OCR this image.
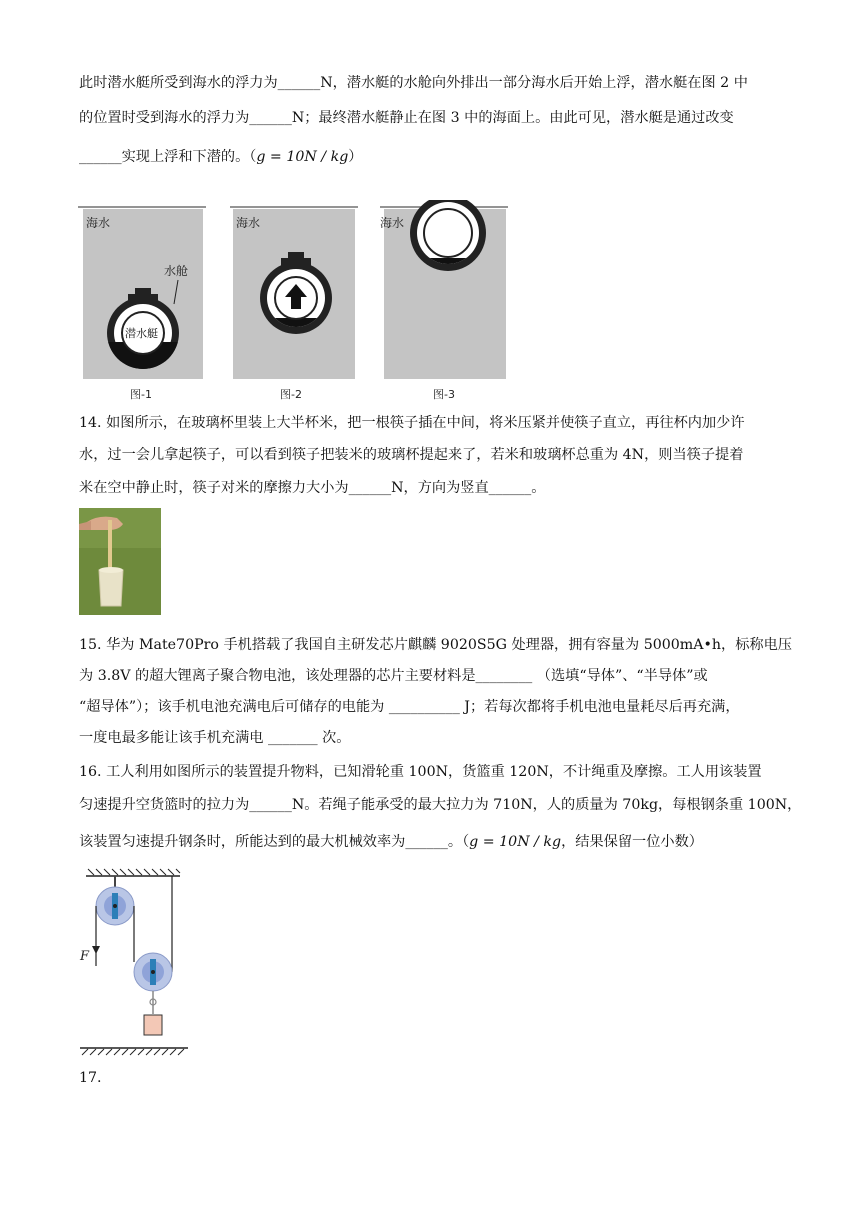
此时潜水艇所受到海水的浮力为______N，潜水艇的水舱向外排出一部分海水后开始上浮，潜水艇在图 2 中
的位置时受到海水的浮力为______N；最终潜水艇静止在图 3 中的海面上。由此可见，潜水艇是通过改变
______实现上浮和下潜的。（g = 10N / kg）
海水
水舱
潜水艇
海水	海水
图-1	图-2	图-3
14. 如图所示，在玻璃杯里装上大半杯米，把一根筷子插在中间，将米压紧并使筷子直立，再往杯内加少许
水，过一会儿拿起筷子，可以看到筷子把装米的玻璃杯提起来了，若米和玻璃杯总重为 4N，则当筷子提着
米在空中静止时，筷子对米的摩擦力大小为______N，方向为竖直______。
15. 华为 Mate70Pro 手机搭载了我国自主研发芯片麒麟 9020S5G 处理器，拥有容量为 5000mA•h，标称电压
为 3.8V 的超大锂离子聚合物电池，该处理器的芯片主要材料是________ （选填“导体”、“半导体”或
“超导体”）；该手机电池充满电后可储存的电能为 __________ J；若每次都将手机电池电量耗尽后再充满，
一度电最多能让该手机充满电 _______ 次。
16. 工人利用如图所示的装置提升物料，已知滑轮重 100N，货篮重 120N，不计绳重及摩擦。工人用该装置
匀速提升空货篮时的拉力为______N。若绳子能承受的最大拉力为 710N，人的质量为 70kg，每根钢条重 100N，
该装置匀速提升钢条时，所能达到的最大机械效率为______。（g = 10N / kg，结果保留一位小数）
F
17.
